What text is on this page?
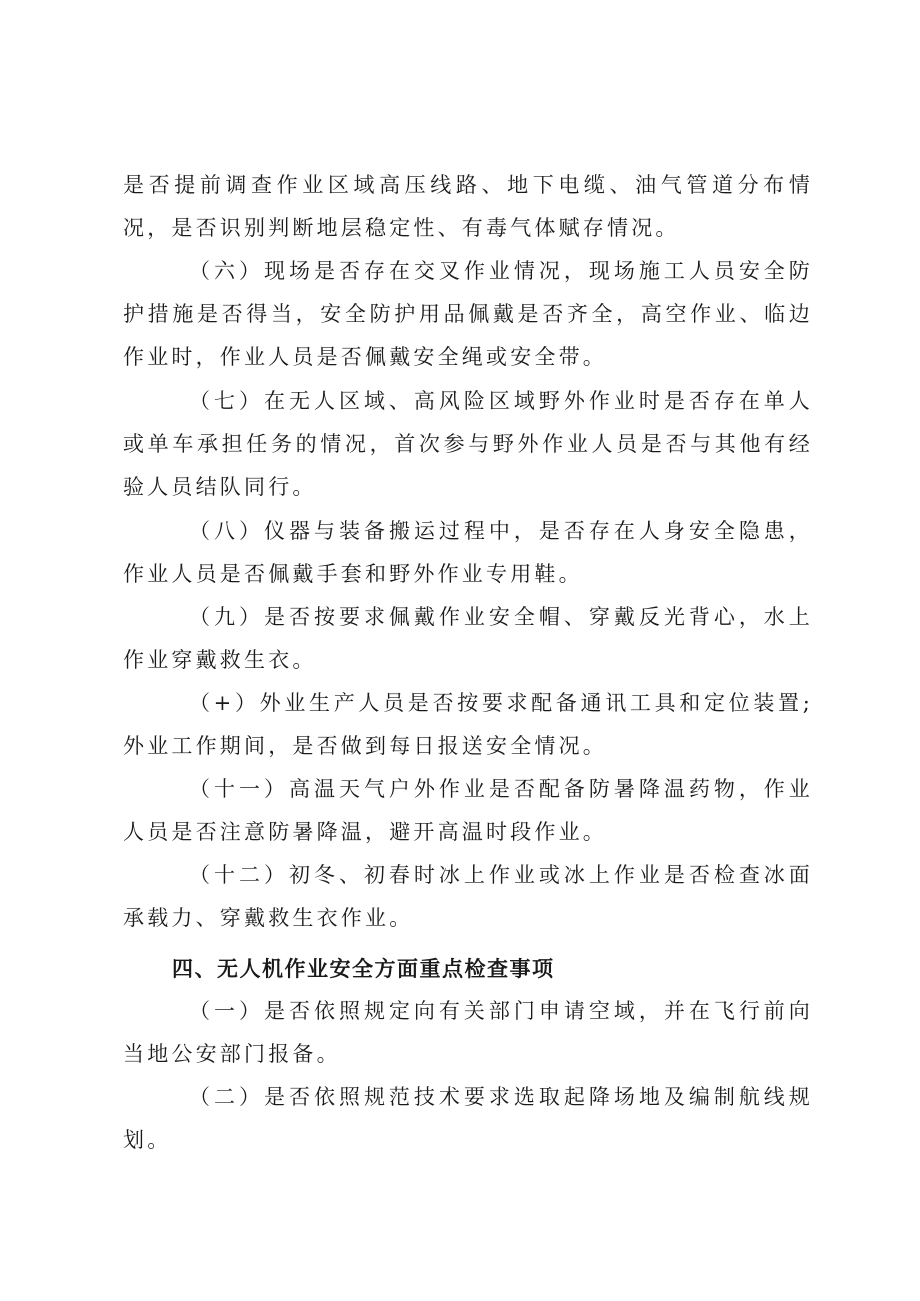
是否提前调查作业区域高压线路、地下电缆、油气管道分布情况，是否识别判断地层稳定性、有毒气体赋存情况。

（六）现场是否存在交叉作业情况，现场施工人员安全防护措施是否得当，安全防护用品佩戴是否齐全，高空作业、临边作业时，作业人员是否佩戴安全绳或安全带。

（七）在无人区域、高风险区域野外作业时是否存在单人或单车承担任务的情况，首次参与野外作业人员是否与其他有经验人员结队同行。

（八）仪器与装备搬运过程中，是否存在人身安全隐患，作业人员是否佩戴手套和野外作业专用鞋。

（九）是否按要求佩戴作业安全帽、穿戴反光背心，水上作业穿戴救生衣。

（+）外业生产人员是否按要求配备通讯工具和定位装置;外业工作期间，是否做到每日报送安全情况。

（十一）高温天气户外作业是否配备防暑降温药物，作业人员是否注意防暑降温，避开高温时段作业。

（十二）初冬、初春时冰上作业或冰上作业是否检查冰面承载力、穿戴救生衣作业。

四、无人机作业安全方面重点检查事项

（一）是否依照规定向有关部门申请空域，并在飞行前向当地公安部门报备。

（二）是否依照规范技术要求选取起降场地及编制航线规划。
